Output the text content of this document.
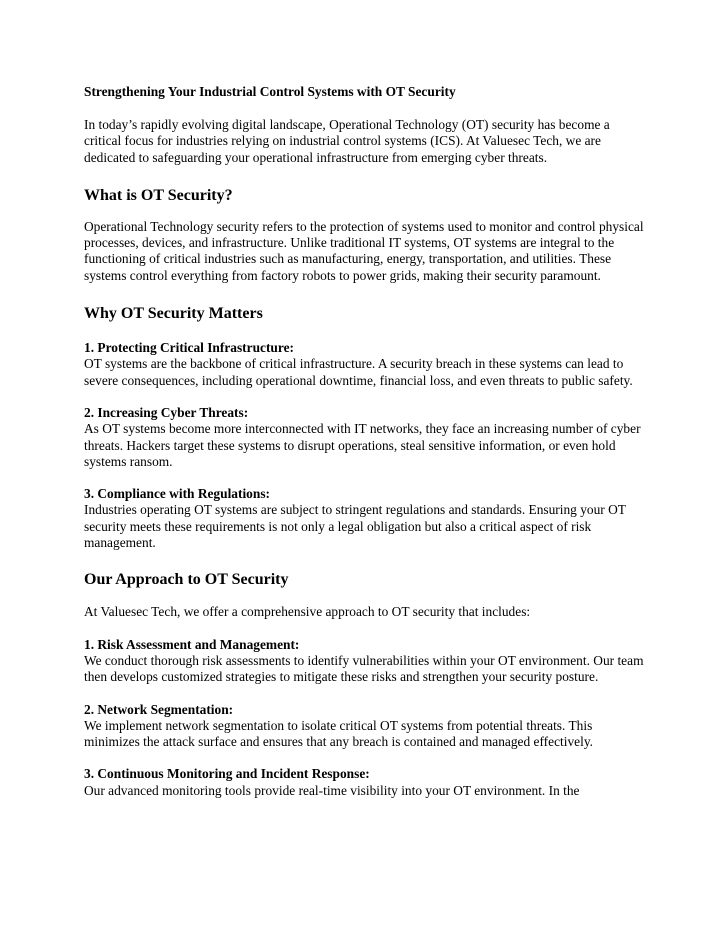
Strengthening Your Industrial Control Systems with OT Security

In today’s rapidly evolving digital landscape, Operational Technology (OT) security has become a critical focus for industries relying on industrial control systems (ICS). At Valuesec Tech, we are dedicated to safeguarding your operational infrastructure from emerging cyber threats.

What is OT Security?

Operational Technology security refers to the protection of systems used to monitor and control physical processes, devices, and infrastructure. Unlike traditional IT systems, OT systems are integral to the functioning of critical industries such as manufacturing, energy, transportation, and utilities. These systems control everything from factory robots to power grids, making their security paramount.

Why OT Security Matters

1. Protecting Critical Infrastructure:

OT systems are the backbone of critical infrastructure. A security breach in these systems can lead to severe consequences, including operational downtime, financial loss, and even threats to public safety.

2. Increasing Cyber Threats:

As OT systems become more interconnected with IT networks, they face an increasing number of cyber threats. Hackers target these systems to disrupt operations, steal sensitive information, or even hold systems ransom.

3. Compliance with Regulations:

Industries operating OT systems are subject to stringent regulations and standards. Ensuring your OT security meets these requirements is not only a legal obligation but also a critical aspect of risk management.

Our Approach to OT Security

At Valuesec Tech, we offer a comprehensive approach to OT security that includes:

1. Risk Assessment and Management:

We conduct thorough risk assessments to identify vulnerabilities within your OT environment. Our team then develops customized strategies to mitigate these risks and strengthen your security posture.

2. Network Segmentation:

We implement network segmentation to isolate critical OT systems from potential threats. This minimizes the attack surface and ensures that any breach is contained and managed effectively.

3. Continuous Monitoring and Incident Response:

Our advanced monitoring tools provide real-time visibility into your OT environment. In the
